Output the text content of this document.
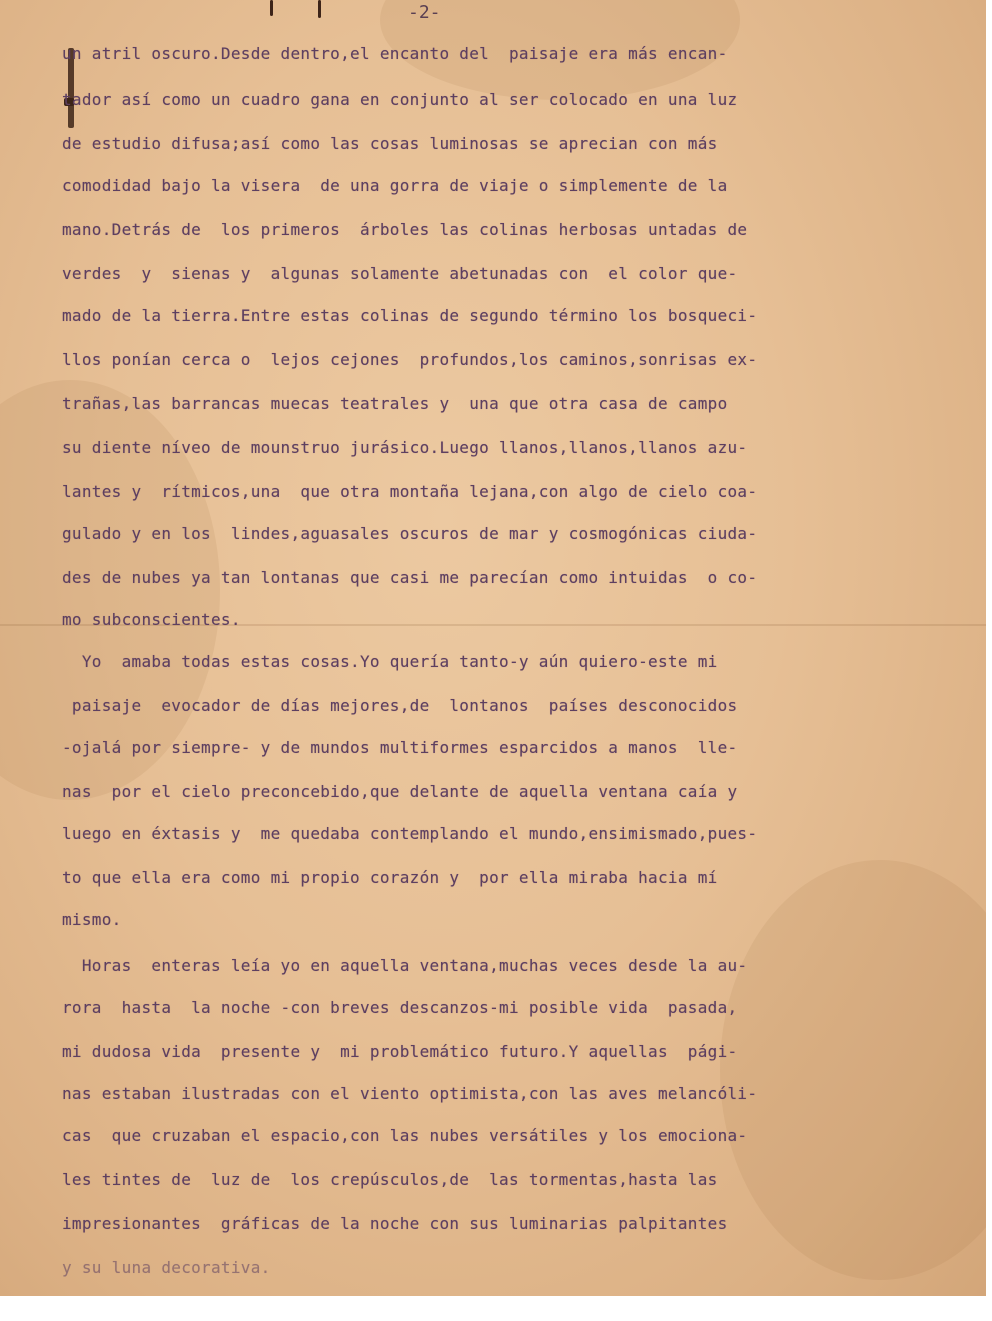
-2-
un atril oscuro.Desde dentro,el encanto del  paisaje era más encan-
tador así como un cuadro gana en conjunto al ser colocado en una luz
de estudio difusa;así como las cosas luminosas se aprecian con más
comodidad bajo la visera  de una gorra de viaje o simplemente de la
mano.Detrás de  los primeros  árboles las colinas herbosas untadas de
verdes  y  sienas y  algunas solamente abetunadas con  el color que-
mado de la tierra.Entre estas colinas de segundo término los bosqueci-
llos ponían cerca o  lejos cejones  profundos,los caminos,sonrisas ex-
trañas,las barrancas muecas teatrales y  una que otra casa de campo
su diente níveo de mounstruo jurásico.Luego llanos,llanos,llanos azu-
lantes y  rítmicos,una  que otra montaña lejana,con algo de cielo coa-
gulado y en los  lindes,aguasales oscuros de mar y cosmogónicas ciuda-
des de nubes ya tan lontanas que casi me parecían como intuidas  o co-
mo subconscientes.
Yo  amaba todas estas cosas.Yo quería tanto-y aún quiero-este mi
paisaje  evocador de días mejores,de  lontanos  países desconocidos
-ojalá por siempre- y de mundos multiformes esparcidos a manos  lle-
nas  por el cielo preconcebido,que delante de aquella ventana caía y
luego en éxtasis y  me quedaba contemplando el mundo,ensimismado,pues-
to que ella era como mi propio corazón y  por ella miraba hacia mí
mismo.
Horas  enteras leía yo en aquella ventana,muchas veces desde la au-
rora  hasta  la noche -con breves descanzos-mi posible vida  pasada,
mi dudosa vida  presente y  mi problemático futuro.Y aquellas  pági-
nas estaban ilustradas con el viento optimista,con las aves melancóli-
cas  que cruzaban el espacio,con las nubes versátiles y los emociona-
les tintes de  luz de  los crepúsculos,de  las tormentas,hasta las
impresionantes  gráficas de la noche con sus luminarias palpitantes
y su luna decorativa.
